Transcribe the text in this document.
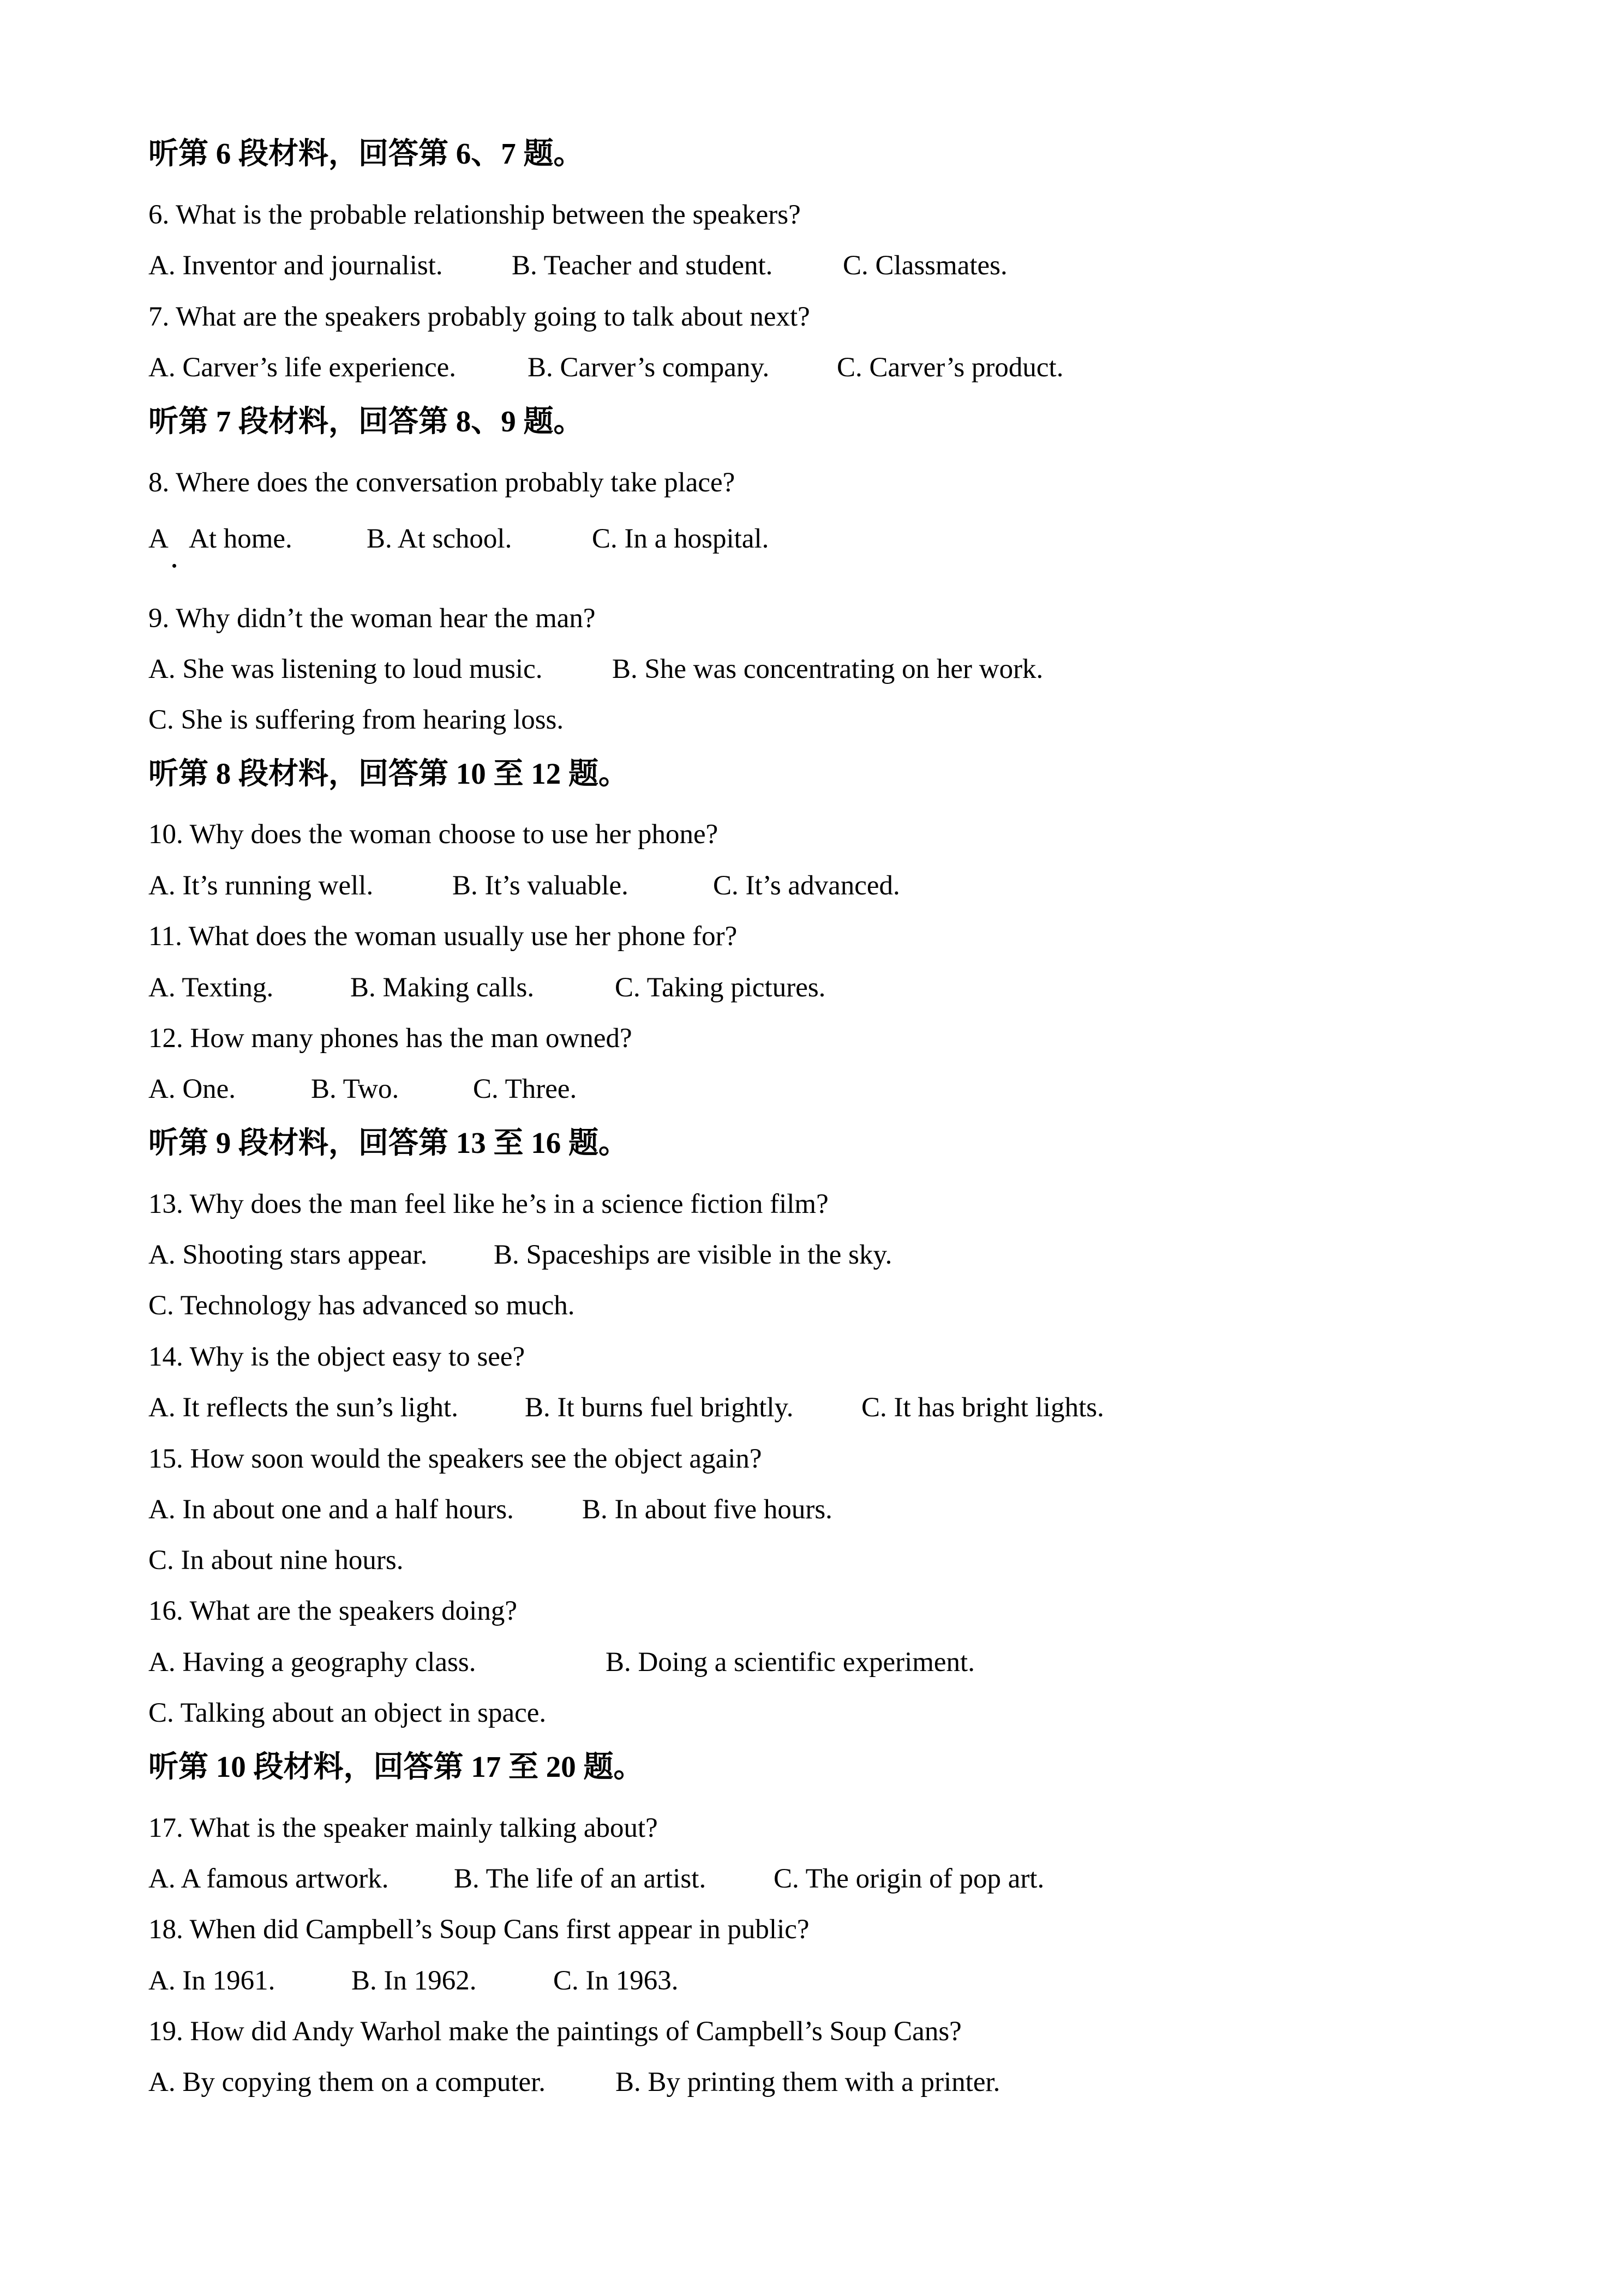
听第 6 段材料，回答第 6、7 题。
6. What is the probable relationship between the speakers?
A. Inventor and journalist. B. Teacher and student.	C. Classmates.
7. What are the speakers probably going to talk about next?
A. Carver’s life experience.	B. Carver’s company. C. Carver’s product.
听第 7 段材料，回答第 8、9 题。
8. Where does the conversation probably take place?
A At home.	B. At school.	C. In a hospital.
9. Why didn’t the woman hear the man?
A. She was listening to loud music.	B. She was concentrating on her work.
C. She is suffering from hearing loss.
听第 8 段材料，回答第 10 至 12 题。
10. Why does the woman choose to use her phone?
A. It’s running well.	B. It’s valuable.	C. It’s advanced.
11. What does the woman usually use her phone for?
A. Texting.	B. Making calls.	C. Taking pictures.
12. How many phones has the man owned?
A. One.	B. Two.	C. Three.
听第 9 段材料，回答第 13 至 16 题。
13. Why does the man feel like he’s in a science fiction film?
A. Shooting stars appear. B. Spaceships are visible in the sky.
C. Technology has advanced so much.
14. Why is the object easy to see?
A. It reflects the sun’s light. B. It burns fuel brightly. C. It has bright lights.
15. How soon would the speakers see the object again?
A. In about one and a half hours. B. In about five hours.
C. In about nine hours.
16. What are the speakers doing?
A. Having a geography class.	B. Doing a scientific experiment.
C. Talking about an object in space.
听第 10 段材料，回答第 17 至 20 题。
17. What is the speaker mainly talking about?
A. A famous artwork. B. The life of an artist. C. The origin of pop art.
18. When did Campbell’s Soup Cans first appear in public?
A. In 1961.	B. In 1962.	C. In 1963.
19. How did Andy Warhol make the paintings of Campbell’s Soup Cans?
A. By copying them on a computer.	B. By printing them with a printer.
